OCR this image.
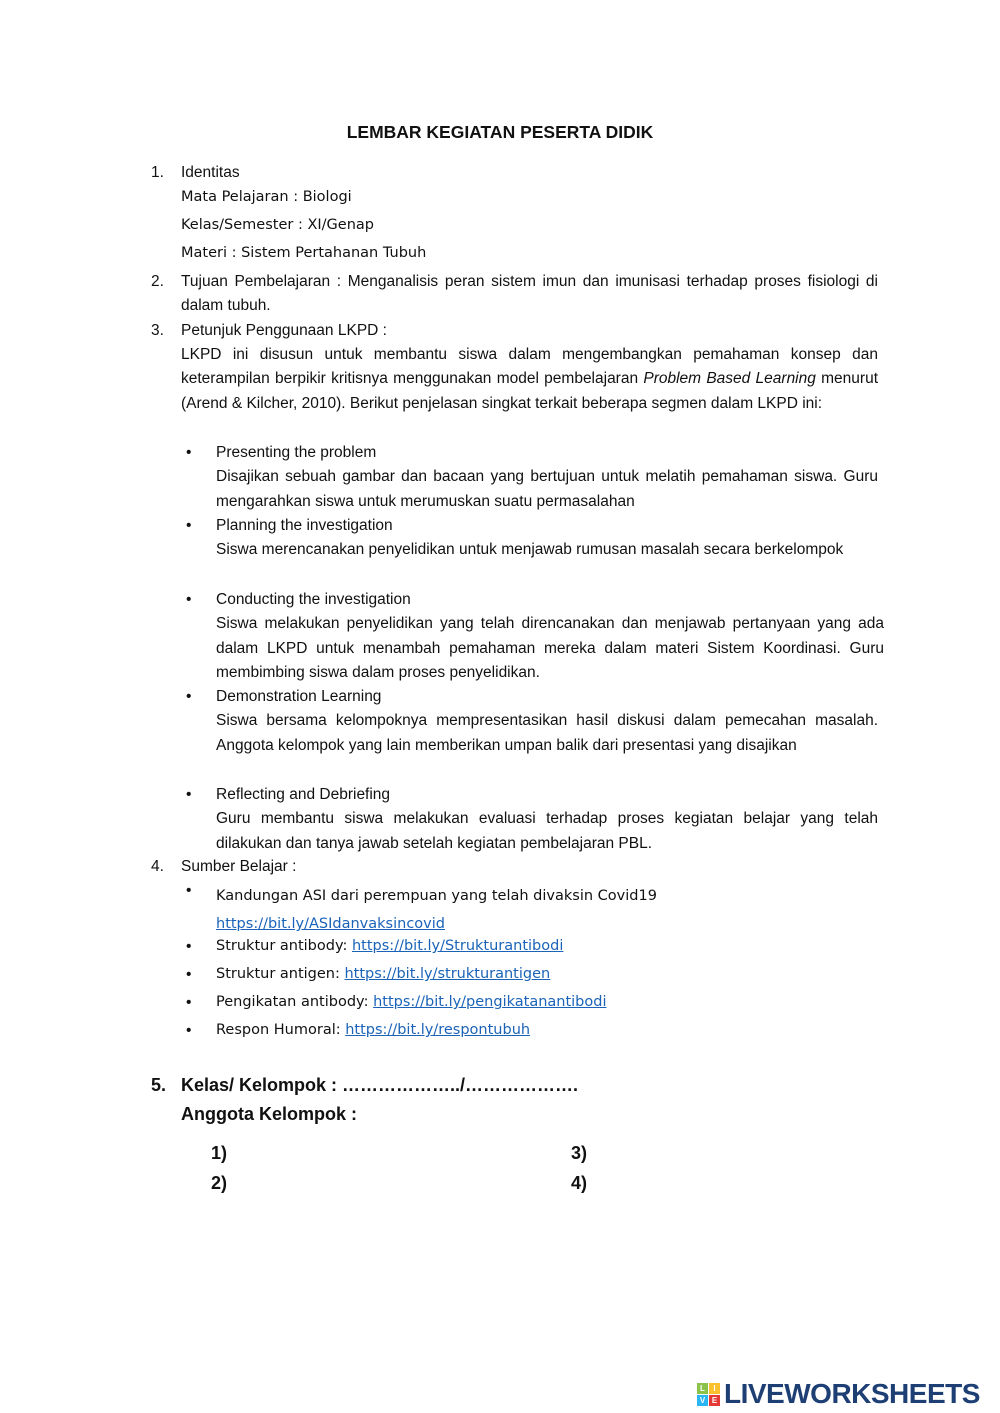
LEMBAR KEGIATAN PESERTA DIDIK
1. Identitas
Mata Pelajaran : Biologi
Kelas/Semester : XI/Genap
Materi : Sistem Pertahanan Tubuh
2. Tujuan Pembelajaran : Menganalisis peran sistem imun dan imunisasi terhadap proses fisiologi di dalam tubuh.
3. Petunjuk Penggunaan LKPD :
LKPD ini disusun untuk membantu siswa dalam mengembangkan pemahaman konsep dan keterampilan berpikir kritisnya menggunakan model pembelajaran Problem Based Learning menurut (Arend & Kilcher, 2010). Berikut penjelasan singkat terkait beberapa segmen dalam LKPD ini:
• Presenting the problem
Disajikan sebuah gambar dan bacaan yang bertujuan untuk melatih pemahaman siswa. Guru mengarahkan siswa untuk merumuskan suatu permasalahan
• Planning the investigation
Siswa merencanakan penyelidikan untuk menjawab rumusan masalah secara berkelompok
• Conducting the investigation
Siswa melakukan penyelidikan yang telah direncanakan dan menjawab pertanyaan yang ada dalam LKPD untuk menambah pemahaman mereka dalam materi Sistem Koordinasi. Guru membimbing siswa dalam proses penyelidikan.
• Demonstration Learning
Siswa bersama kelompoknya mempresentasikan hasil diskusi dalam pemecahan masalah. Anggota kelompok yang lain memberikan umpan balik dari presentasi yang disajikan
• Reflecting and Debriefing
Guru membantu siswa melakukan evaluasi terhadap proses kegiatan belajar yang telah dilakukan dan tanya jawab setelah kegiatan pembelajaran PBL.
4. Sumber Belajar :
• Kandungan ASI dari perempuan yang telah divaksin Covid19
https://bit.ly/ASIdanvaksincovid
• Struktur antibody: https://bit.ly/Strukturantibodi
• Struktur antigen: https://bit.ly/strukturantigen
• Pengikatan antibody: https://bit.ly/pengikatanantibodi
• Respon Humoral: https://bit.ly/respontubuh
5. Kelas/ Kelompok : ………………../……………….
Anggota Kelompok :
1)
2)
3)
4)
L	I
V E LIVEWORKSHEETS
